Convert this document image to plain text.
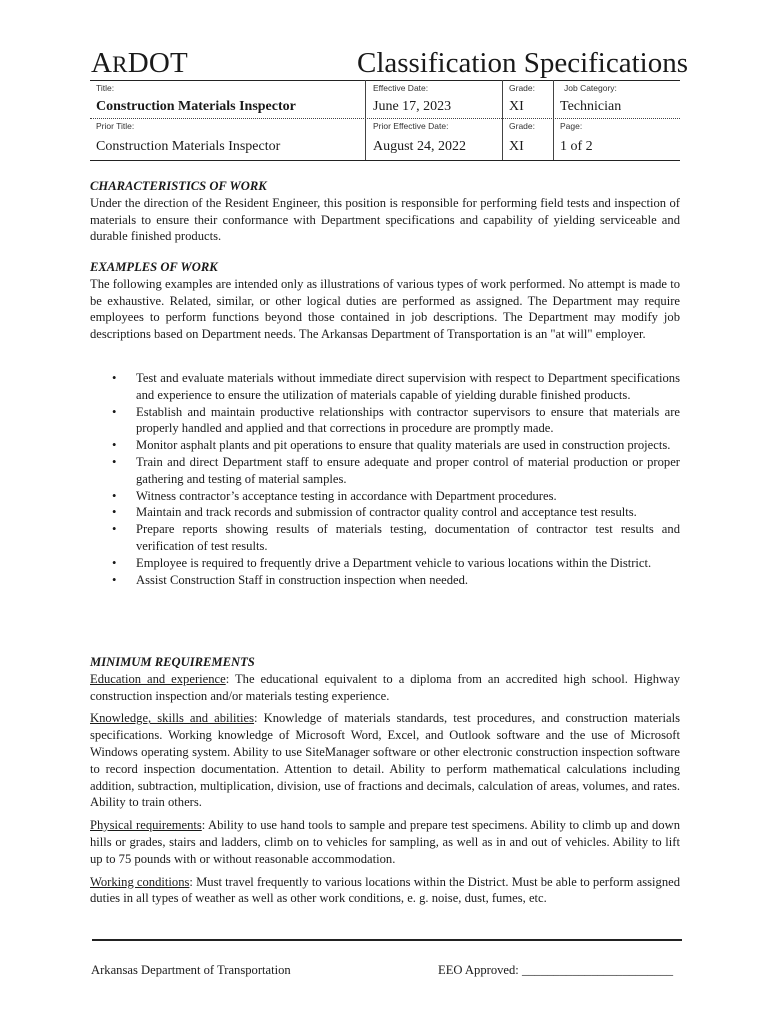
ARDOT	Classification Specifications
Title:	Effective Date:	Grade:	Job Category:
Construction Materials Inspector	June 17, 2023	XI	Technician
Prior Title:	Prior Effective Date:	Grade:	Page:
Construction Materials Inspector	August 24, 2022	XI	1 of 2
CHARACTERISTICS OF WORK

Under the direction of the Resident Engineer, this position is responsible for performing field tests and inspection of materials to ensure their conformance with Department specifications and capability of yielding serviceable and durable finished products.

EXAMPLES OF WORK

The following examples are intended only as illustrations of various types of work performed. No attempt is made to be exhaustive. Related, similar, or other logical duties are performed as assigned. The Department may require employees to perform functions beyond those contained in job descriptions. The Department may modify job descriptions based on Department needs. The Arkansas Department of Transportation is an "at will" employer.

• Test and evaluate materials without immediate direct supervision with respect to Department specifications and experience to ensure the utilization of materials capable of yielding durable finished products.
• Establish and maintain productive relationships with contractor supervisors to ensure that materials are properly handled and applied and that corrections in procedure are promptly made.
• Monitor asphalt plants and pit operations to ensure that quality materials are used in construction projects.
• Train and direct Department staff to ensure adequate and proper control of material production or proper gathering and testing of material samples.
• Witness contractor’s acceptance testing in accordance with Department procedures.
• Maintain and track records and submission of contractor quality control and acceptance test results.
• Prepare reports showing results of materials testing, documentation of contractor test results and verification of test results.
• Employee is required to frequently drive a Department vehicle to various locations within the District.
• Assist Construction Staff in construction inspection when needed.
MINIMUM REQUIREMENTS

Education and experience: The educational equivalent to a diploma from an accredited high school. Highway construction inspection and/or materials testing experience.

Knowledge, skills and abilities: Knowledge of materials standards, test procedures, and construction materials specifications. Working knowledge of Microsoft Word, Excel, and Outlook software and the use of Microsoft Windows operating system. Ability to use SiteManager software or other electronic construction inspection software to record inspection documentation. Attention to detail. Ability to perform mathematical calculations including addition, subtraction, multiplication, division, use of fractions and decimals, calculation of areas, volumes, and rates. Ability to train others.

Physical requirements: Ability to use hand tools to sample and prepare test specimens. Ability to climb up and down hills or grades, stairs and ladders, climb on to vehicles for sampling, as well as in and out of vehicles. Ability to lift up to 75 pounds with or without reasonable accommodation.

Working conditions: Must travel frequently to various locations within the District. Must be able to perform assigned duties in all types of weather as well as other work conditions, e. g. noise, dust, fumes, etc.

Arkansas Department of Transportation	EEO Approved: ________________________
